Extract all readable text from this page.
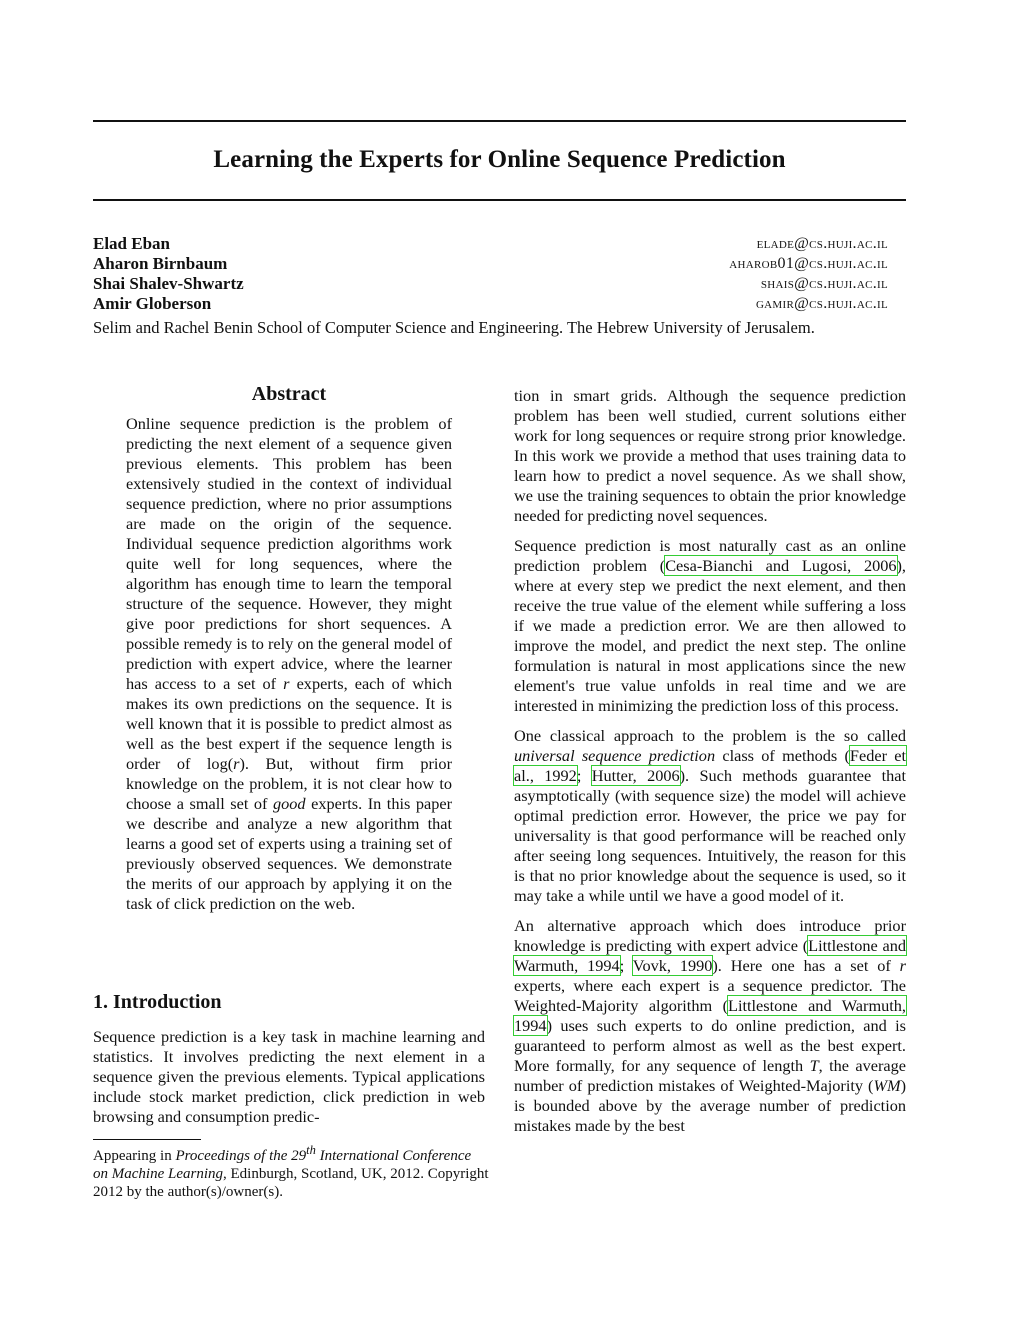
Learning the Experts for Online Sequence Prediction
Elad Eban	elade@cs.huji.ac.il
Aharon Birnbaum	aharob01@cs.huji.ac.il
Shai Shalev-Shwartz	shais@cs.huji.ac.il
Amir Globerson	gamir@cs.huji.ac.il
Selim and Rachel Benin School of Computer Science and Engineering. The Hebrew University of Jerusalem.
Abstract
Online sequence prediction is the problem of predicting the next element of a sequence given previous elements. This problem has been extensively studied in the context of individual sequence prediction, where no prior assumptions are made on the origin of the sequence. Individual sequence prediction algorithms work quite well for long sequences, where the algorithm has enough time to learn the temporal structure of the sequence. However, they might give poor predictions for short sequences. A possible remedy is to rely on the general model of prediction with expert advice, where the learner has access to a set of r experts, each of which makes its own predictions on the sequence. It is well known that it is possible to predict almost as well as the best expert if the sequence length is order of log(r). But, without firm prior knowledge on the problem, it is not clear how to choose a small set of good experts. In this paper we describe and analyze a new algorithm that learns a good set of experts using a training set of previously observed sequences. We demonstrate the merits of our approach by applying it on the task of click prediction on the web.
1. Introduction
Sequence prediction is a key task in machine learning and statistics. It involves predicting the next element in a sequence given the previous elements. Typical applications include stock market prediction, click prediction in web browsing and consumption predic-
Appearing in Proceedings of the 29th International Conference on Machine Learning, Edinburgh, Scotland, UK, 2012. Copyright 2012 by the author(s)/owner(s).

tion in smart grids. Although the sequence prediction problem has been well studied, current solutions either work for long sequences or require strong prior knowledge. In this work we provide a method that uses training data to learn how to predict a novel sequence. As we shall show, we use the training sequences to obtain the prior knowledge needed for predicting novel sequences.

Sequence prediction is most naturally cast as an online prediction problem (Cesa-Bianchi and Lugosi, 2006), where at every step we predict the next element, and then receive the true value of the element while suffering a loss if we made a prediction error. We are then allowed to improve the model, and predict the next step. The online formulation is natural in most applications since the new element's true value unfolds in real time and we are interested in minimizing the prediction loss of this process.

One classical approach to the problem is the so called universal sequence prediction class of methods (Feder et al., 1992; Hutter, 2006). Such methods guarantee that asymptotically (with sequence size) the model will achieve optimal prediction error. However, the price we pay for universality is that good performance will be reached only after seeing long sequences. Intuitively, the reason for this is that no prior knowledge about the sequence is used, so it may take a while until we have a good model of it.

An alternative approach which does introduce prior knowledge is predicting with expert advice (Littlestone and Warmuth, 1994; Vovk, 1990). Here one has a set of r experts, where each expert is a sequence predictor. The Weighted-Majority algorithm (Littlestone and Warmuth, 1994) uses such experts to do online prediction, and is guaranteed to perform almost as well as the best expert. More formally, for any sequence of length T, the average number of prediction mistakes of Weighted-Majority (WM) is bounded above by the average number of prediction mistakes made by the best
